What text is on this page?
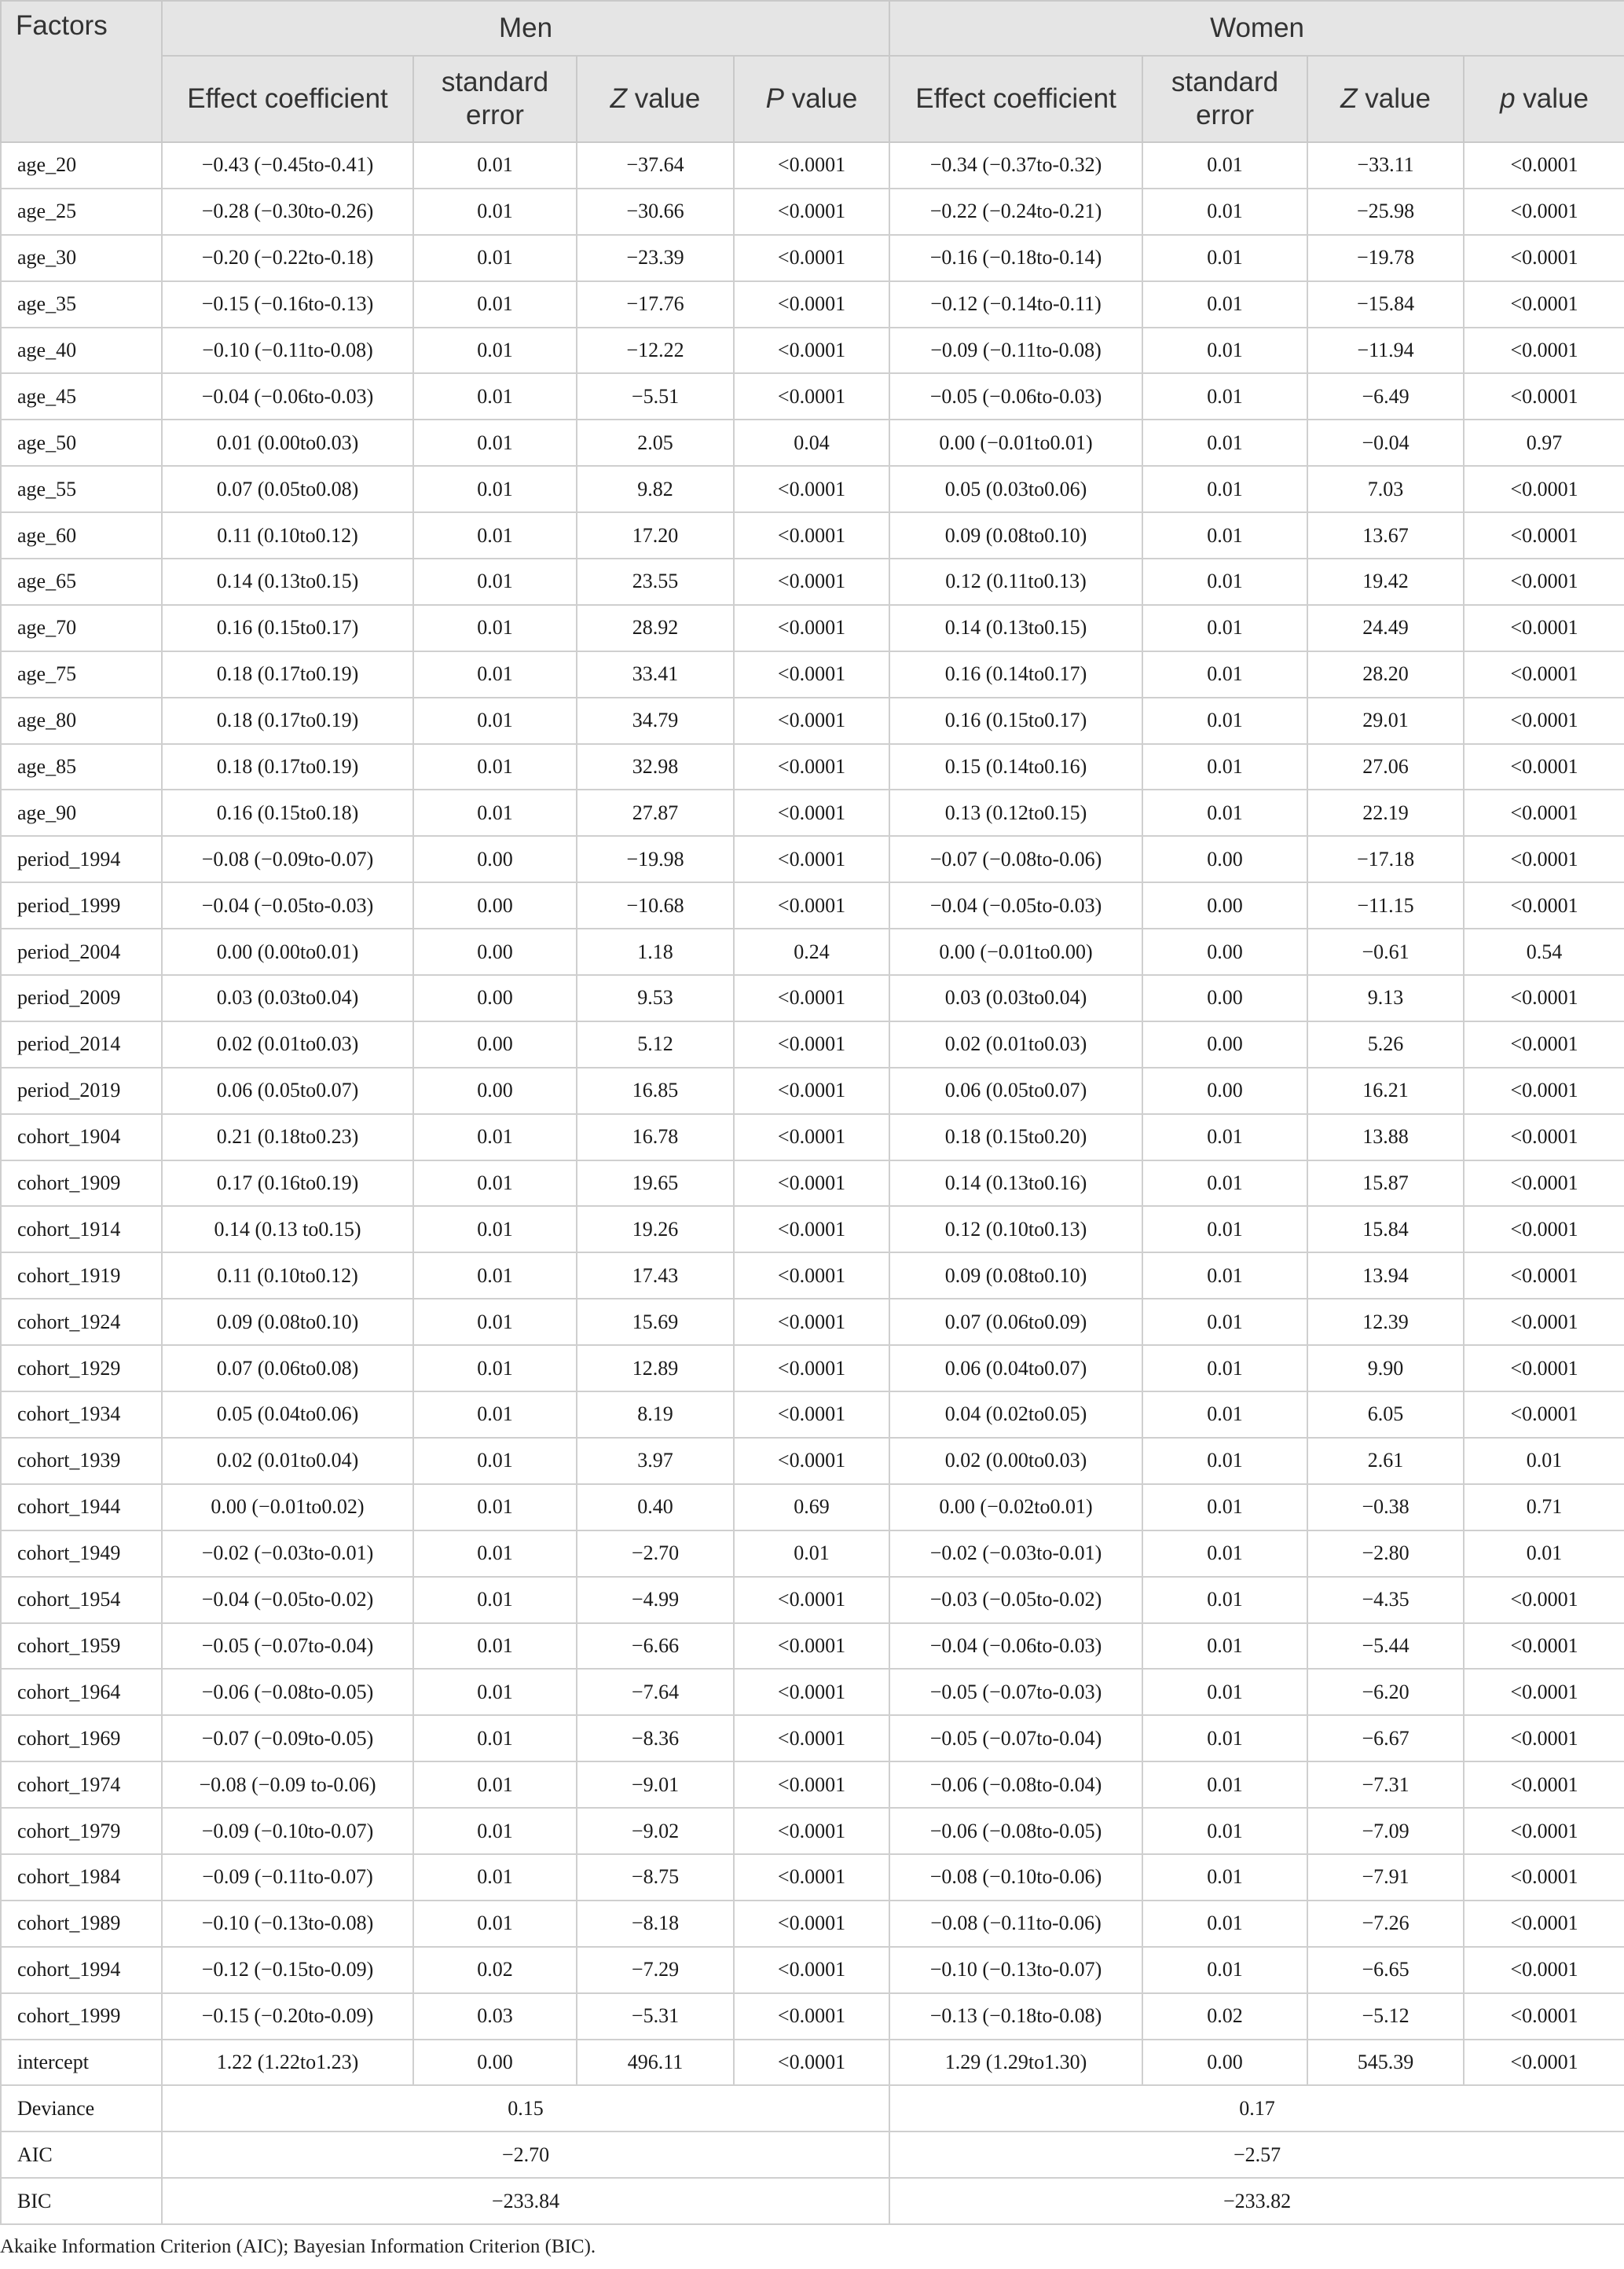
Factors	Men				Women			
	Effect coefficient	standard error	Z value	P value	Effect coefficient	standard error	Z value	p value
age_20	−0.43 (−0.45to-0.41)	0.01	−37.64	<0.0001	−0.34 (−0.37to-0.32)	0.01	−33.11	<0.0001
age_25	−0.28 (−0.30to-0.26)	0.01	−30.66	<0.0001	−0.22 (−0.24to-0.21)	0.01	−25.98	<0.0001
age_30	−0.20 (−0.22to-0.18)	0.01	−23.39	<0.0001	−0.16 (−0.18to-0.14)	0.01	−19.78	<0.0001
age_35	−0.15 (−0.16to-0.13)	0.01	−17.76	<0.0001	−0.12 (−0.14to-0.11)	0.01	−15.84	<0.0001
age_40	−0.10 (−0.11to-0.08)	0.01	−12.22	<0.0001	−0.09 (−0.11to-0.08)	0.01	−11.94	<0.0001
age_45	−0.04 (−0.06to-0.03)	0.01	−5.51	<0.0001	−0.05 (−0.06to-0.03)	0.01	−6.49	<0.0001
age_50	0.01 (0.00to0.03)	0.01	2.05	0.04	0.00 (−0.01to0.01)	0.01	−0.04	0.97
age_55	0.07 (0.05to0.08)	0.01	9.82	<0.0001	0.05 (0.03to0.06)	0.01	7.03	<0.0001
age_60	0.11 (0.10to0.12)	0.01	17.20	<0.0001	0.09 (0.08to0.10)	0.01	13.67	<0.0001
age_65	0.14 (0.13to0.15)	0.01	23.55	<0.0001	0.12 (0.11to0.13)	0.01	19.42	<0.0001
age_70	0.16 (0.15to0.17)	0.01	28.92	<0.0001	0.14 (0.13to0.15)	0.01	24.49	<0.0001
age_75	0.18 (0.17to0.19)	0.01	33.41	<0.0001	0.16 (0.14to0.17)	0.01	28.20	<0.0001
age_80	0.18 (0.17to0.19)	0.01	34.79	<0.0001	0.16 (0.15to0.17)	0.01	29.01	<0.0001
age_85	0.18 (0.17to0.19)	0.01	32.98	<0.0001	0.15 (0.14to0.16)	0.01	27.06	<0.0001
age_90	0.16 (0.15to0.18)	0.01	27.87	<0.0001	0.13 (0.12to0.15)	0.01	22.19	<0.0001
period_1994	−0.08 (−0.09to-0.07)	0.00	−19.98	<0.0001	−0.07 (−0.08to-0.06)	0.00	−17.18	<0.0001
period_1999	−0.04 (−0.05to-0.03)	0.00	−10.68	<0.0001	−0.04 (−0.05to-0.03)	0.00	−11.15	<0.0001
period_2004	0.00 (0.00to0.01)	0.00	1.18	0.24	0.00 (−0.01to0.00)	0.00	−0.61	0.54
period_2009	0.03 (0.03to0.04)	0.00	9.53	<0.0001	0.03 (0.03to0.04)	0.00	9.13	<0.0001
period_2014	0.02 (0.01to0.03)	0.00	5.12	<0.0001	0.02 (0.01to0.03)	0.00	5.26	<0.0001
period_2019	0.06 (0.05to0.07)	0.00	16.85	<0.0001	0.06 (0.05to0.07)	0.00	16.21	<0.0001
cohort_1904	0.21 (0.18to0.23)	0.01	16.78	<0.0001	0.18 (0.15to0.20)	0.01	13.88	<0.0001
cohort_1909	0.17 (0.16to0.19)	0.01	19.65	<0.0001	0.14 (0.13to0.16)	0.01	15.87	<0.0001
cohort_1914	0.14 (0.13 to0.15)	0.01	19.26	<0.0001	0.12 (0.10to0.13)	0.01	15.84	<0.0001
cohort_1919	0.11 (0.10to0.12)	0.01	17.43	<0.0001	0.09 (0.08to0.10)	0.01	13.94	<0.0001
cohort_1924	0.09 (0.08to0.10)	0.01	15.69	<0.0001	0.07 (0.06to0.09)	0.01	12.39	<0.0001
cohort_1929	0.07 (0.06to0.08)	0.01	12.89	<0.0001	0.06 (0.04to0.07)	0.01	9.90	<0.0001
cohort_1934	0.05 (0.04to0.06)	0.01	8.19	<0.0001	0.04 (0.02to0.05)	0.01	6.05	<0.0001
cohort_1939	0.02 (0.01to0.04)	0.01	3.97	<0.0001	0.02 (0.00to0.03)	0.01	2.61	0.01
cohort_1944	0.00 (−0.01to0.02)	0.01	0.40	0.69	0.00 (−0.02to0.01)	0.01	−0.38	0.71
cohort_1949	−0.02 (−0.03to-0.01)	0.01	−2.70	0.01	−0.02 (−0.03to-0.01)	0.01	−2.80	0.01
cohort_1954	−0.04 (−0.05to-0.02)	0.01	−4.99	<0.0001	−0.03 (−0.05to-0.02)	0.01	−4.35	<0.0001
cohort_1959	−0.05 (−0.07to-0.04)	0.01	−6.66	<0.0001	−0.04 (−0.06to-0.03)	0.01	−5.44	<0.0001
cohort_1964	−0.06 (−0.08to-0.05)	0.01	−7.64	<0.0001	−0.05 (−0.07to-0.03)	0.01	−6.20	<0.0001
cohort_1969	−0.07 (−0.09to-0.05)	0.01	−8.36	<0.0001	−0.05 (−0.07to-0.04)	0.01	−6.67	<0.0001
cohort_1974	−0.08 (−0.09 to-0.06)	0.01	−9.01	<0.0001	−0.06 (−0.08to-0.04)	0.01	−7.31	<0.0001
cohort_1979	−0.09 (−0.10to-0.07)	0.01	−9.02	<0.0001	−0.06 (−0.08to-0.05)	0.01	−7.09	<0.0001
cohort_1984	−0.09 (−0.11to-0.07)	0.01	−8.75	<0.0001	−0.08 (−0.10to-0.06)	0.01	−7.91	<0.0001
cohort_1989	−0.10 (−0.13to-0.08)	0.01	−8.18	<0.0001	−0.08 (−0.11to-0.06)	0.01	−7.26	<0.0001
cohort_1994	−0.12 (−0.15to-0.09)	0.02	−7.29	<0.0001	−0.10 (−0.13to-0.07)	0.01	−6.65	<0.0001
cohort_1999	−0.15 (−0.20to-0.09)	0.03	−5.31	<0.0001	−0.13 (−0.18to-0.08)	0.02	−5.12	<0.0001
intercept	1.22 (1.22to1.23)	0.00	496.11	<0.0001	1.29 (1.29to1.30)	0.00	545.39	<0.0001
Deviance	0.15				0.17			
AIC	−2.70				−2.57			
BIC	−233.84				−233.82			
Akaike Information Criterion (AIC); Bayesian Information Criterion (BIC).
